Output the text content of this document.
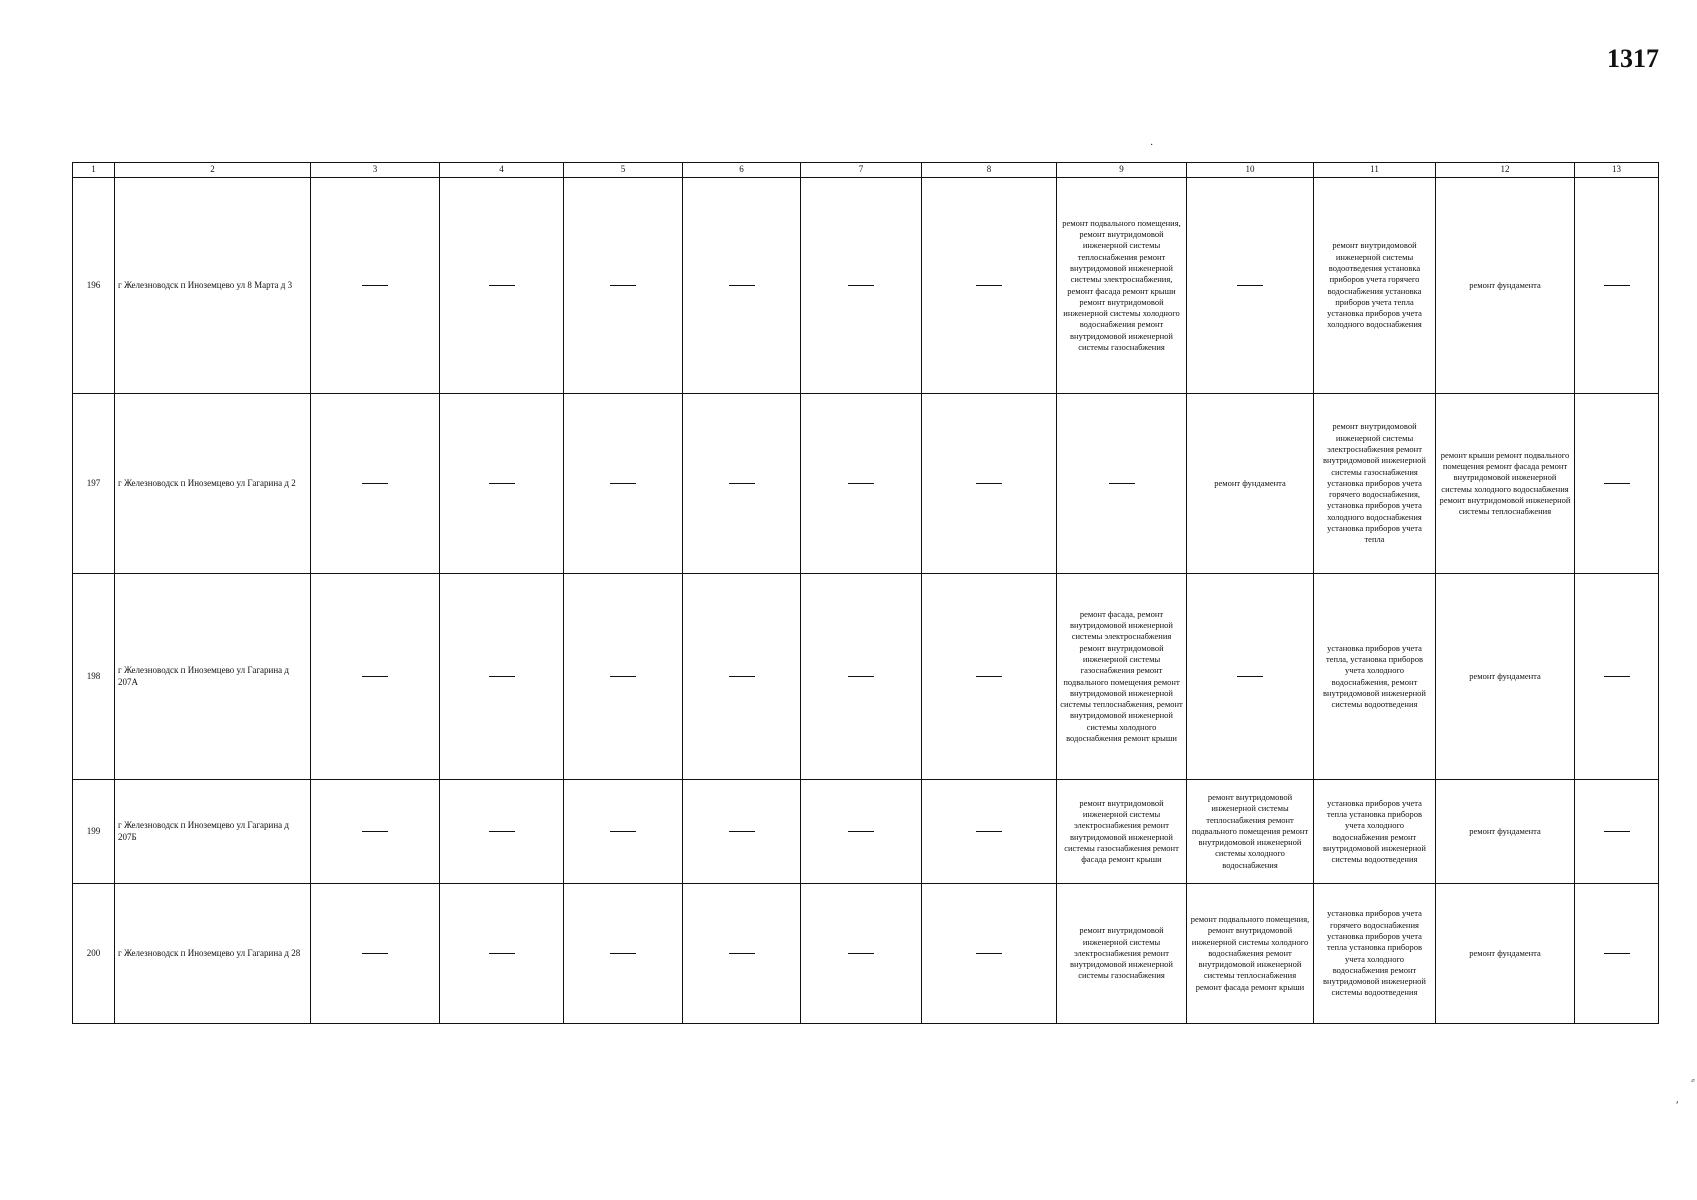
1317
·
ʹ
1	2	3	4	5	6	7	8	9	10	11	12	13
196	г Железноводск п Иноземцево ул 8 Марта д 3							ремонт подвального помещения, ремонт внутридомовой инженерной системы теплоснабжения ремонт внутридомовой инженерной системы электроснабжения, ремонт фасада ремонт крыши ремонт внутридомовой инженерной системы холодного водоснабжения ремонт внутридомовой инженерной системы газоснабжения		ремонт внутридомовой инженерной системы водоотведения установка приборов учета горячего водоснабжения установка приборов учета тепла установка приборов учета холодного водоснабжения	ремонт фундамента	

197	г Железноводск п Иноземцево ул Гагарина д 2								ремонт фундамента	ремонт внутридомовой инженерной системы электроснабжения ремонт внутридомовой инженерной системы газоснабжения установка приборов учета горячего водоснабжения, установка приборов учета холодного водоснабжения установка приборов учета тепла	ремонт крыши ремонт подвального помещения ремонт фасада ремонт внутридомовой инженерной системы холодного водоснабжения ремонт внутридомовой инженерной системы теплоснабжения	

198	г Железноводск п Иноземцево ул Гагарина д 207А							ремонт фасада, ремонт внутридомовой инженерной системы электроснабжения ремонт внутридомовой инженерной системы газоснабжения ремонт подвального помещения ремонт внутридомовой инженерной системы теплоснабжения, ремонт внутридомовой инженерной системы холодного водоснабжения ремонт крыши		установка приборов учета тепла, установка приборов учета холодного водоснабжения, ремонт внутридомовой инженерной системы водоотведения	ремонт фундамента	

199	г Железноводск п Иноземцево ул Гагарина д 207Б							ремонт внутридомовой инженерной системы электроснабжения ремонт внутридомовой инженерной системы газоснабжения ремонт фасада ремонт крыши	ремонт внутридомовой инженерной системы теплоснабжения ремонт подвального помещения ремонт внутридомовой инженерной системы холодного водоснабжения	установка приборов учета тепла установка приборов учета холодного водоснабжения ремонт внутридомовой инженерной системы водоотведения	ремонт фундамента	

200	г Железноводск п Иноземцево ул Гагарина д 28							ремонт внутридомовой инженерной системы электроснабжения ремонт внутридомовой инженерной системы газоснабжения	ремонт подвального помещения, ремонт внутридомовой инженерной системы холодного водоснабжения ремонт внутридомовой инженерной системы теплоснабжения ремонт фасада ремонт крыши	установка приборов учета горячего водоснабжения установка приборов учета тепла установка приборов учета холодного водоснабжения ремонт внутридомовой инженерной системы водоотведения	ремонт фундамента	
